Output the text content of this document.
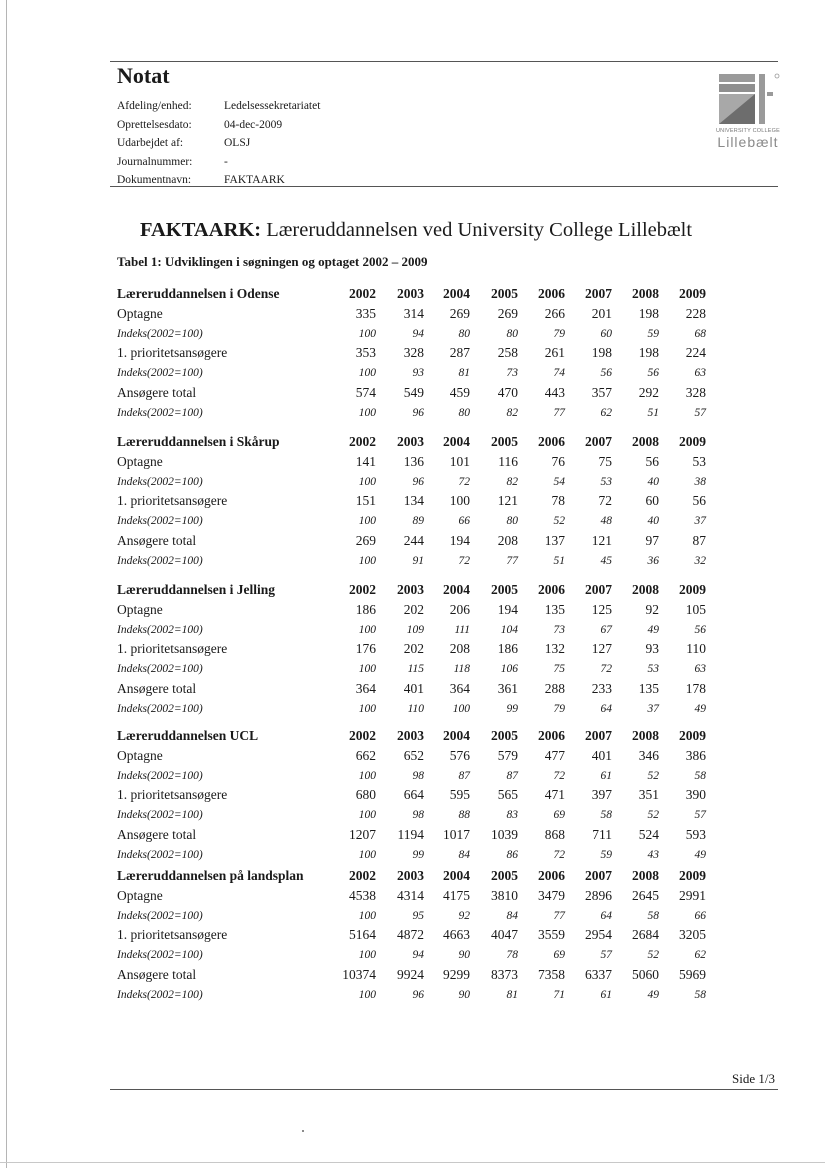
Notat
Afdeling/enhed:	Ledelsessekretariatet
Oprettelsesdato:	04-dec-2009
Udarbejdet af:	OLSJ
Journalnummer:	-
Dokumentnavn:	FAKTAARK
UNIVERSITY COLLEGE
Lillebælt
FAKTAARK: Læreruddannelsen ved University College Lillebælt
Tabel 1: Udviklingen i søgningen og optaget 2002 – 2009
Læreruddannelsen i Odense	2002	2003	2004	2005	2006	2007	2008	2009
Optagne	335	314	269	269	266	201	198	228
Indeks(2002=100)	100	94	80	80	79	60	59	68
1. prioritetsansøgere	353	328	287	258	261	198	198	224
Indeks(2002=100)	100	93	81	73	74	56	56	63
Ansøgere total	574	549	459	470	443	357	292	328
Indeks(2002=100)	100	96	80	82	77	62	51	57
Læreruddannelsen i Skårup	2002	2003	2004	2005	2006	2007	2008	2009
Optagne	141	136	101	116	76	75	56	53
Indeks(2002=100)	100	96	72	82	54	53	40	38
1. prioritetsansøgere	151	134	100	121	78	72	60	56
Indeks(2002=100)	100	89	66	80	52	48	40	37
Ansøgere total	269	244	194	208	137	121	97	87
Indeks(2002=100)	100	91	72	77	51	45	36	32
Læreruddannelsen i Jelling	2002	2003	2004	2005	2006	2007	2008	2009
Optagne	186	202	206	194	135	125	92	105
Indeks(2002=100)	100	109	111	104	73	67	49	56
1. prioritetsansøgere	176	202	208	186	132	127	93	110
Indeks(2002=100)	100	115	118	106	75	72	53	63
Ansøgere total	364	401	364	361	288	233	135	178
Indeks(2002=100)	100	110	100	99	79	64	37	49
Læreruddannelsen UCL	2002	2003	2004	2005	2006	2007	2008	2009
Optagne	662	652	576	579	477	401	346	386
Indeks(2002=100)	100	98	87	87	72	61	52	58
1. prioritetsansøgere	680	664	595	565	471	397	351	390
Indeks(2002=100)	100	98	88	83	69	58	52	57
Ansøgere total	1207	1194	1017	1039	868	711	524	593
Indeks(2002=100)	100	99	84	86	72	59	43	49
Læreruddannelsen på landsplan	2002	2003	2004	2005	2006	2007	2008	2009
Optagne	4538	4314	4175	3810	3479	2896	2645	2991
Indeks(2002=100)	100	95	92	84	77	64	58	66
1. prioritetsansøgere	5164	4872	4663	4047	3559	2954	2684	3205
Indeks(2002=100)	100	94	90	78	69	57	52	62
Ansøgere total	10374	9924	9299	8373	7358	6337	5060	5969
Indeks(2002=100)	100	96	90	81	71	61	49	58
Side 1/3
